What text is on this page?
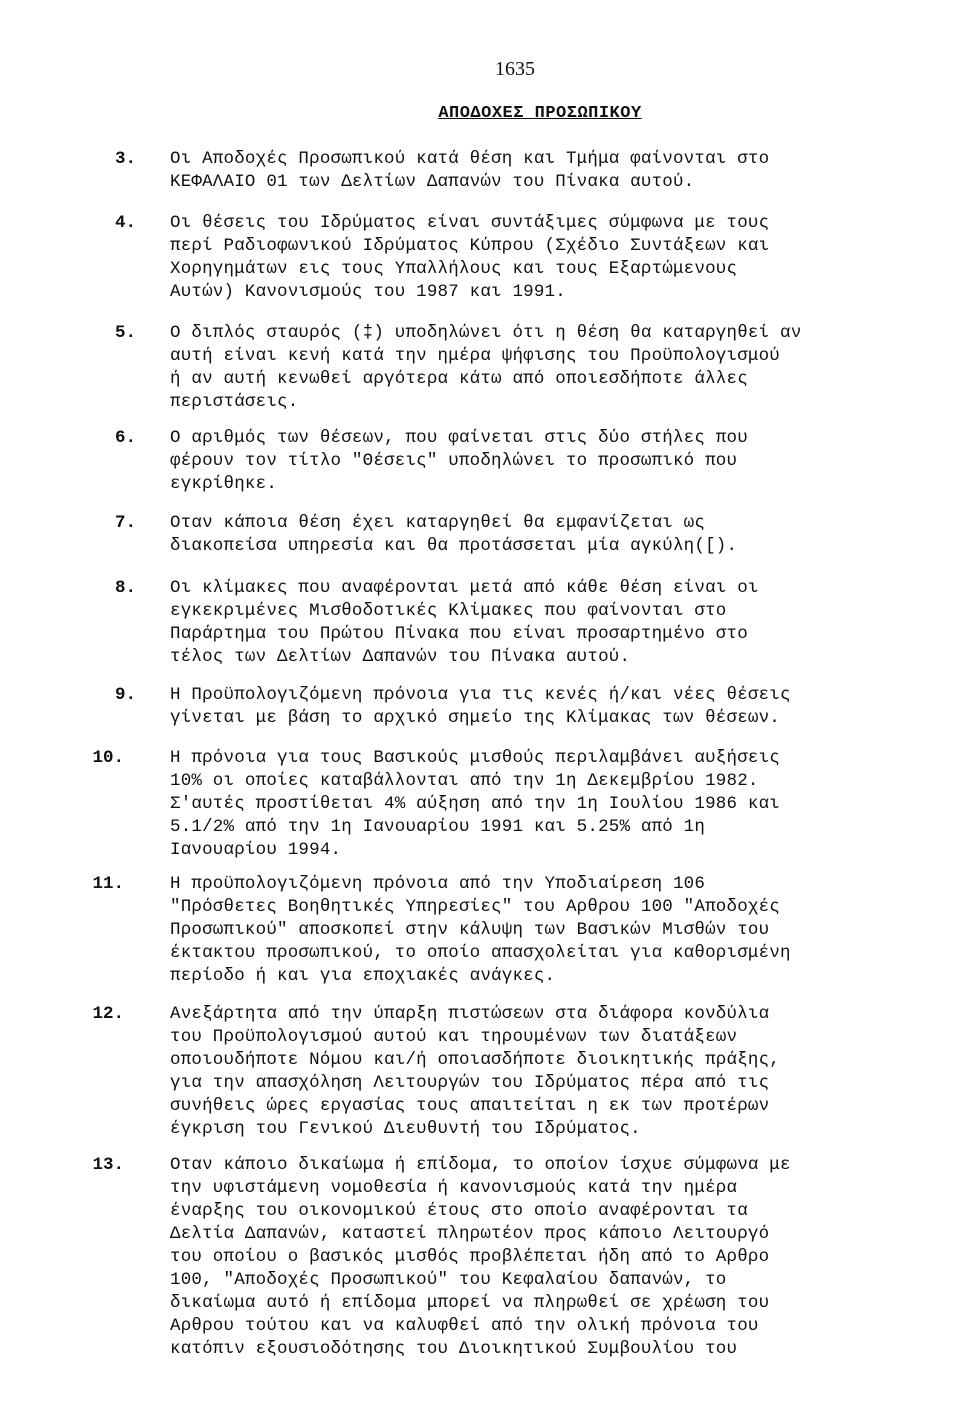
1635
ΑΠΟΔΟΧΕΣ ΠΡΟΣΩΠΙΚΟΥ
3. Οι Αποδοχές Προσωπικού κατά θέση και Τμήμα φαίνονται στο
ΚΕΦΑΛΑΙΟ 01 των Δελτίων Δαπανών του Πίνακα αυτού.
4. Οι θέσεις του Ιδρύματος είναι συντάξιμες σύμφωνα με τους
περί Ραδιοφωνικού Ιδρύματος Κύπρου (Σχέδιο Συντάξεων και
Χορηγημάτων εις τους Υπαλλήλους και τους Εξαρτώμενους
Αυτών) Κανονισμούς του 1987 και 1991.
5. Ο διπλός σταυρός (‡) υποδηλώνει ότι η θέση θα καταργηθεί αν
αυτή είναι κενή κατά την ημέρα ψήφισης του Προϋπολογισμού
ή αν αυτή κενωθεί αργότερα κάτω από οποιεσδήποτε άλλες
περιστάσεις.
6. Ο αριθμός των θέσεων, που φαίνεται στις δύο στήλες που
φέρουν τον τίτλο "Θέσεις" υποδηλώνει το προσωπικό που
εγκρίθηκε.
7. Οταν κάποια θέση έχει καταργηθεί θα εμφανίζεται ως
διακοπείσα υπηρεσία και θα προτάσσεται μία αγκύλη([).
8. Οι κλίμακες που αναφέρονται μετά από κάθε θέση είναι οι
εγκεκριμένες Μισθοδοτικές Κλίμακες που φαίνονται στο
Παράρτημα του Πρώτου Πίνακα που είναι προσαρτημένο στο
τέλος των Δελτίων Δαπανών του Πίνακα αυτού.
9. Η Προϋπολογιζόμενη πρόνοια για τις κενές ή/και νέες θέσεις
γίνεται με βάση το αρχικό σημείο της Κλίμακας των θέσεων.
10.	Η πρόνοια για τους Βασικούς μισθούς περιλαμβάνει αυξήσεις
10% οι οποίες καταβάλλονται από την 1η Δεκεμβρίου 1982.
Σ'αυτές προστίθεται 4% αύξηση από την 1η Ιουλίου 1986 και
5.1/2% από την 1η Ιανουαρίου 1991 και 5.25% από 1η
Ιανουαρίου 1994.
11.	Η προϋπολογιζόμενη πρόνοια από την Υποδιαίρεση 106
"Πρόσθετες Βοηθητικές Υπηρεσίες" του Αρθρου 100 "Αποδοχές
Προσωπικού" αποσκοπεί στην κάλυψη των Βασικών Μισθών του
έκτακτου προσωπικού, το οποίο απασχολείται για καθορισμένη
περίοδο ή και για εποχιακές ανάγκες.
12.	Ανεξάρτητα από την ύπαρξη πιστώσεων στα διάφορα κονδύλια
του Προϋπολογισμού αυτού και τηρουμένων των διατάξεων
οποιουδήποτε Νόμου και/ή οποιασδήποτε διοικητικής πράξης,
για την απασχόληση Λειτουργών του Ιδρύματος πέρα από τις
συνήθεις ώρες εργασίας τους απαιτείται η εκ των προτέρων
έγκριση του Γενικού Διευθυντή του Ιδρύματος.
13.	Οταν κάποιο δικαίωμα ή επίδομα, το οποίον ίσχυε σύμφωνα με
την υφιστάμενη νομοθεσία ή κανονισμούς κατά την ημέρα
έναρξης του οικονομικού έτους στο οποίο αναφέρονται τα
Δελτία Δαπανών, καταστεί πληρωτέον προς κάποιο Λειτουργό
του οποίου ο βασικός μισθός προβλέπεται ήδη από το Αρθρο
100, "Αποδοχές Προσωπικού" του Κεφαλαίου δαπανών, το
δικαίωμα αυτό ή επίδομα μπορεί να πληρωθεί σε χρέωση του
Αρθρου τούτου και να καλυφθεί από την ολική πρόνοια του
κατόπιν εξουσιοδότησης του Διοικητικού Συμβουλίου του
